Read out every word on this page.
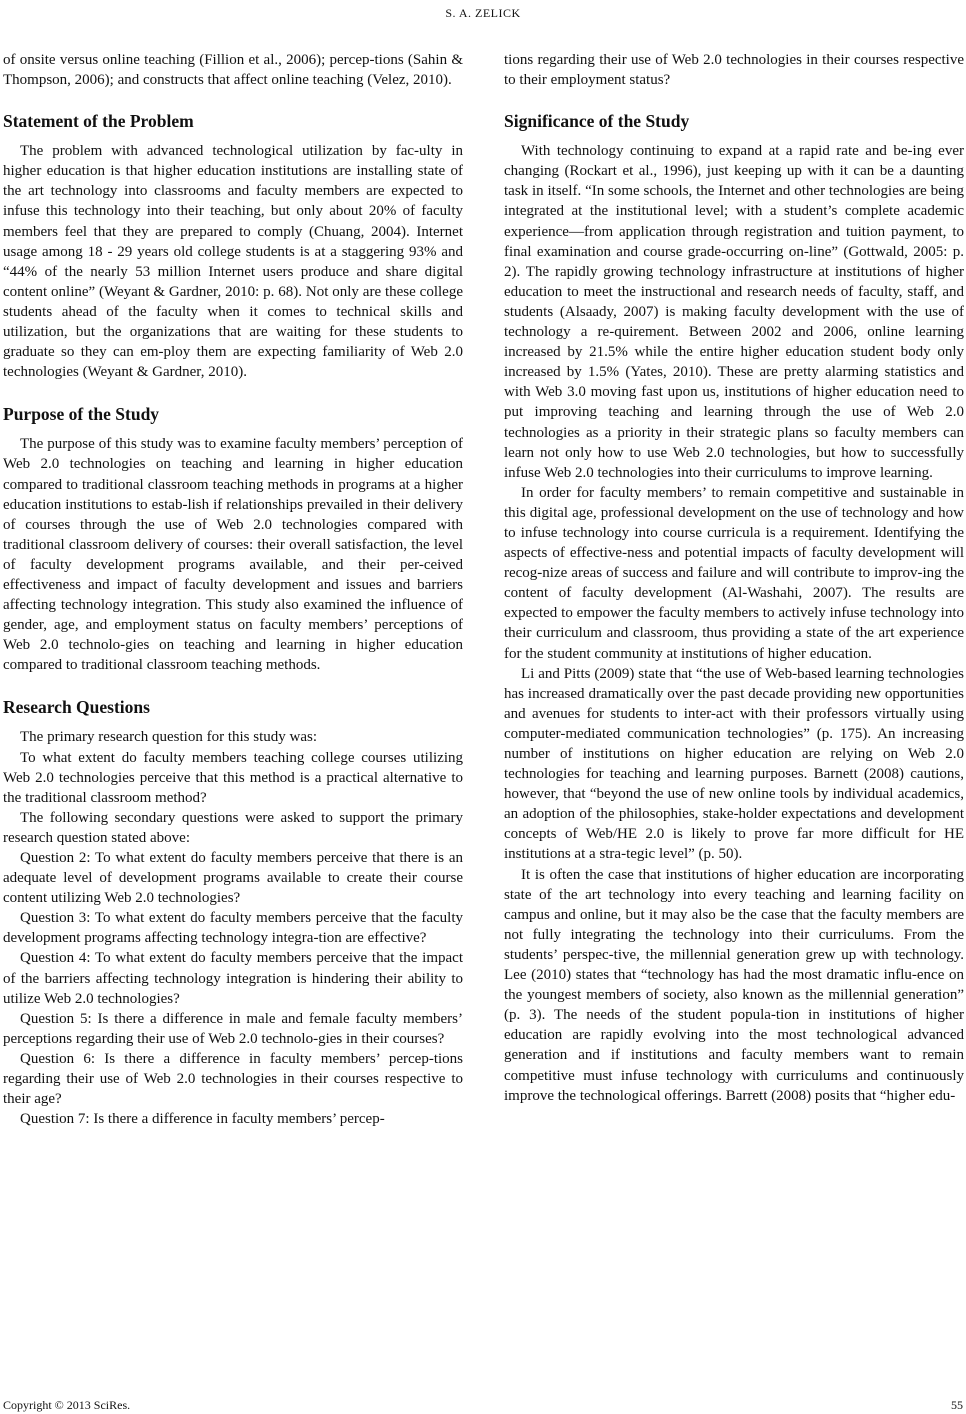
S. A. ZELICK

of onsite versus online teaching (Fillion et al., 2006); percep-tions (Sahin & Thompson, 2006); and constructs that affect online teaching (Velez, 2010).

Statement of the Problem

The problem with advanced technological utilization by fac-ulty in higher education is that higher education institutions are installing state of the art technology into classrooms and faculty members are expected to infuse this technology into their teaching, but only about 20% of faculty members feel that they are prepared to comply (Chuang, 2004). Internet usage among 18 - 29 years old college students is at a staggering 93% and “44% of the nearly 53 million Internet users produce and share digital content online” (Weyant & Gardner, 2010: p. 68). Not only are these college students ahead of the faculty when it comes to technical skills and utilization, but the organizations that are waiting for these students to graduate so they can em-ploy them are expecting familiarity of Web 2.0 technologies (Weyant & Gardner, 2010).

Purpose of the Study

The purpose of this study was to examine faculty members’ perception of Web 2.0 technologies on teaching and learning in higher education compared to traditional classroom teaching methods in programs at a higher education institutions to estab-lish if relationships prevailed in their delivery of courses through the use of Web 2.0 technologies compared with traditional classroom delivery of courses: their overall satisfaction, the level of faculty development programs available, and their per-ceived effectiveness and impact of faculty development and issues and barriers affecting technology integration. This study also examined the influence of gender, age, and employment status on faculty members’ perceptions of Web 2.0 technolo-gies on teaching and learning in higher education compared to traditional classroom teaching methods.

Research Questions

The primary research question for this study was:

To what extent do faculty members teaching college courses utilizing Web 2.0 technologies perceive that this method is a practical alternative to the traditional classroom method?

The following secondary questions were asked to support the primary research question stated above:

Question 2: To what extent do faculty members perceive that there is an adequate level of development programs available to create their course content utilizing Web 2.0 technologies?

Question 3: To what extent do faculty members perceive that the faculty development programs affecting technology integra-tion are effective?

Question 4: To what extent do faculty members perceive that the impact of the barriers affecting technology integration is hindering their ability to utilize Web 2.0 technologies?

Question 5: Is there a difference in male and female faculty members’ perceptions regarding their use of Web 2.0 technolo-gies in their courses?

Question 6: Is there a difference in faculty members’ percep-tions regarding their use of Web 2.0 technologies in their courses respective to their age?

Question 7: Is there a difference in faculty members’ percep-

tions regarding their use of Web 2.0 technologies in their courses respective to their employment status?

Significance of the Study

With technology continuing to expand at a rapid rate and be-ing ever changing (Rockart et al., 1996), just keeping up with it can be a daunting task in itself. “In some schools, the Internet and other technologies are being integrated at the institutional level; with a student’s complete academic experience—from application through registration and tuition payment, to final examination and course grade-occurring on-line” (Gottwald, 2005: p. 2). The rapidly growing technology infrastructure at institutions of higher education to meet the instructional and research needs of faculty, staff, and students (Alsaady, 2007) is making faculty development with the use of technology a re-quirement. Between 2002 and 2006, online learning increased by 21.5% while the entire higher education student body only increased by 1.5% (Yates, 2010). These are pretty alarming statistics and with Web 3.0 moving fast upon us, institutions of higher education need to put improving teaching and learning through the use of Web 2.0 technologies as a priority in their strategic plans so faculty members can learn not only how to use Web 2.0 technologies, but how to successfully infuse Web 2.0 technologies into their curriculums to improve learning.

In order for faculty members’ to remain competitive and sustainable in this digital age, professional development on the use of technology and how to infuse technology into course curricula is a requirement. Identifying the aspects of effective-ness and potential impacts of faculty development will recog-nize areas of success and failure and will contribute to improv-ing the content of faculty development (Al-Washahi, 2007). The results are expected to empower the faculty members to actively infuse technology into their curriculum and classroom, thus providing a state of the art experience for the student community at institutions of higher education.

Li and Pitts (2009) state that “the use of Web-based learning technologies has increased dramatically over the past decade providing new opportunities and avenues for students to inter-act with their professors virtually using computer-mediated communication technologies” (p. 175). An increasing number of institutions on higher education are relying on Web 2.0 technologies for teaching and learning purposes. Barnett (2008) cautions, however, that “beyond the use of new online tools by individual academics, an adoption of the philosophies, stake-holder expectations and development concepts of Web/HE 2.0 is likely to prove far more difficult for HE institutions at a stra-tegic level” (p. 50).

It is often the case that institutions of higher education are incorporating state of the art technology into every teaching and learning facility on campus and online, but it may also be the case that the faculty members are not fully integrating the technology into their curriculums. From the students’ perspec-tive, the millennial generation grew up with technology. Lee (2010) states that “technology has had the most dramatic influ-ence on the youngest members of society, also known as the millennial generation” (p. 3). The needs of the student popula-tion in institutions of higher education are rapidly evolving into the most technological advanced generation and if institutions and faculty members want to remain competitive must infuse technology with curriculums and continuously improve the technological offerings. Barrett (2008) posits that “higher edu-

Copyright © 2013 SciRes.	55
